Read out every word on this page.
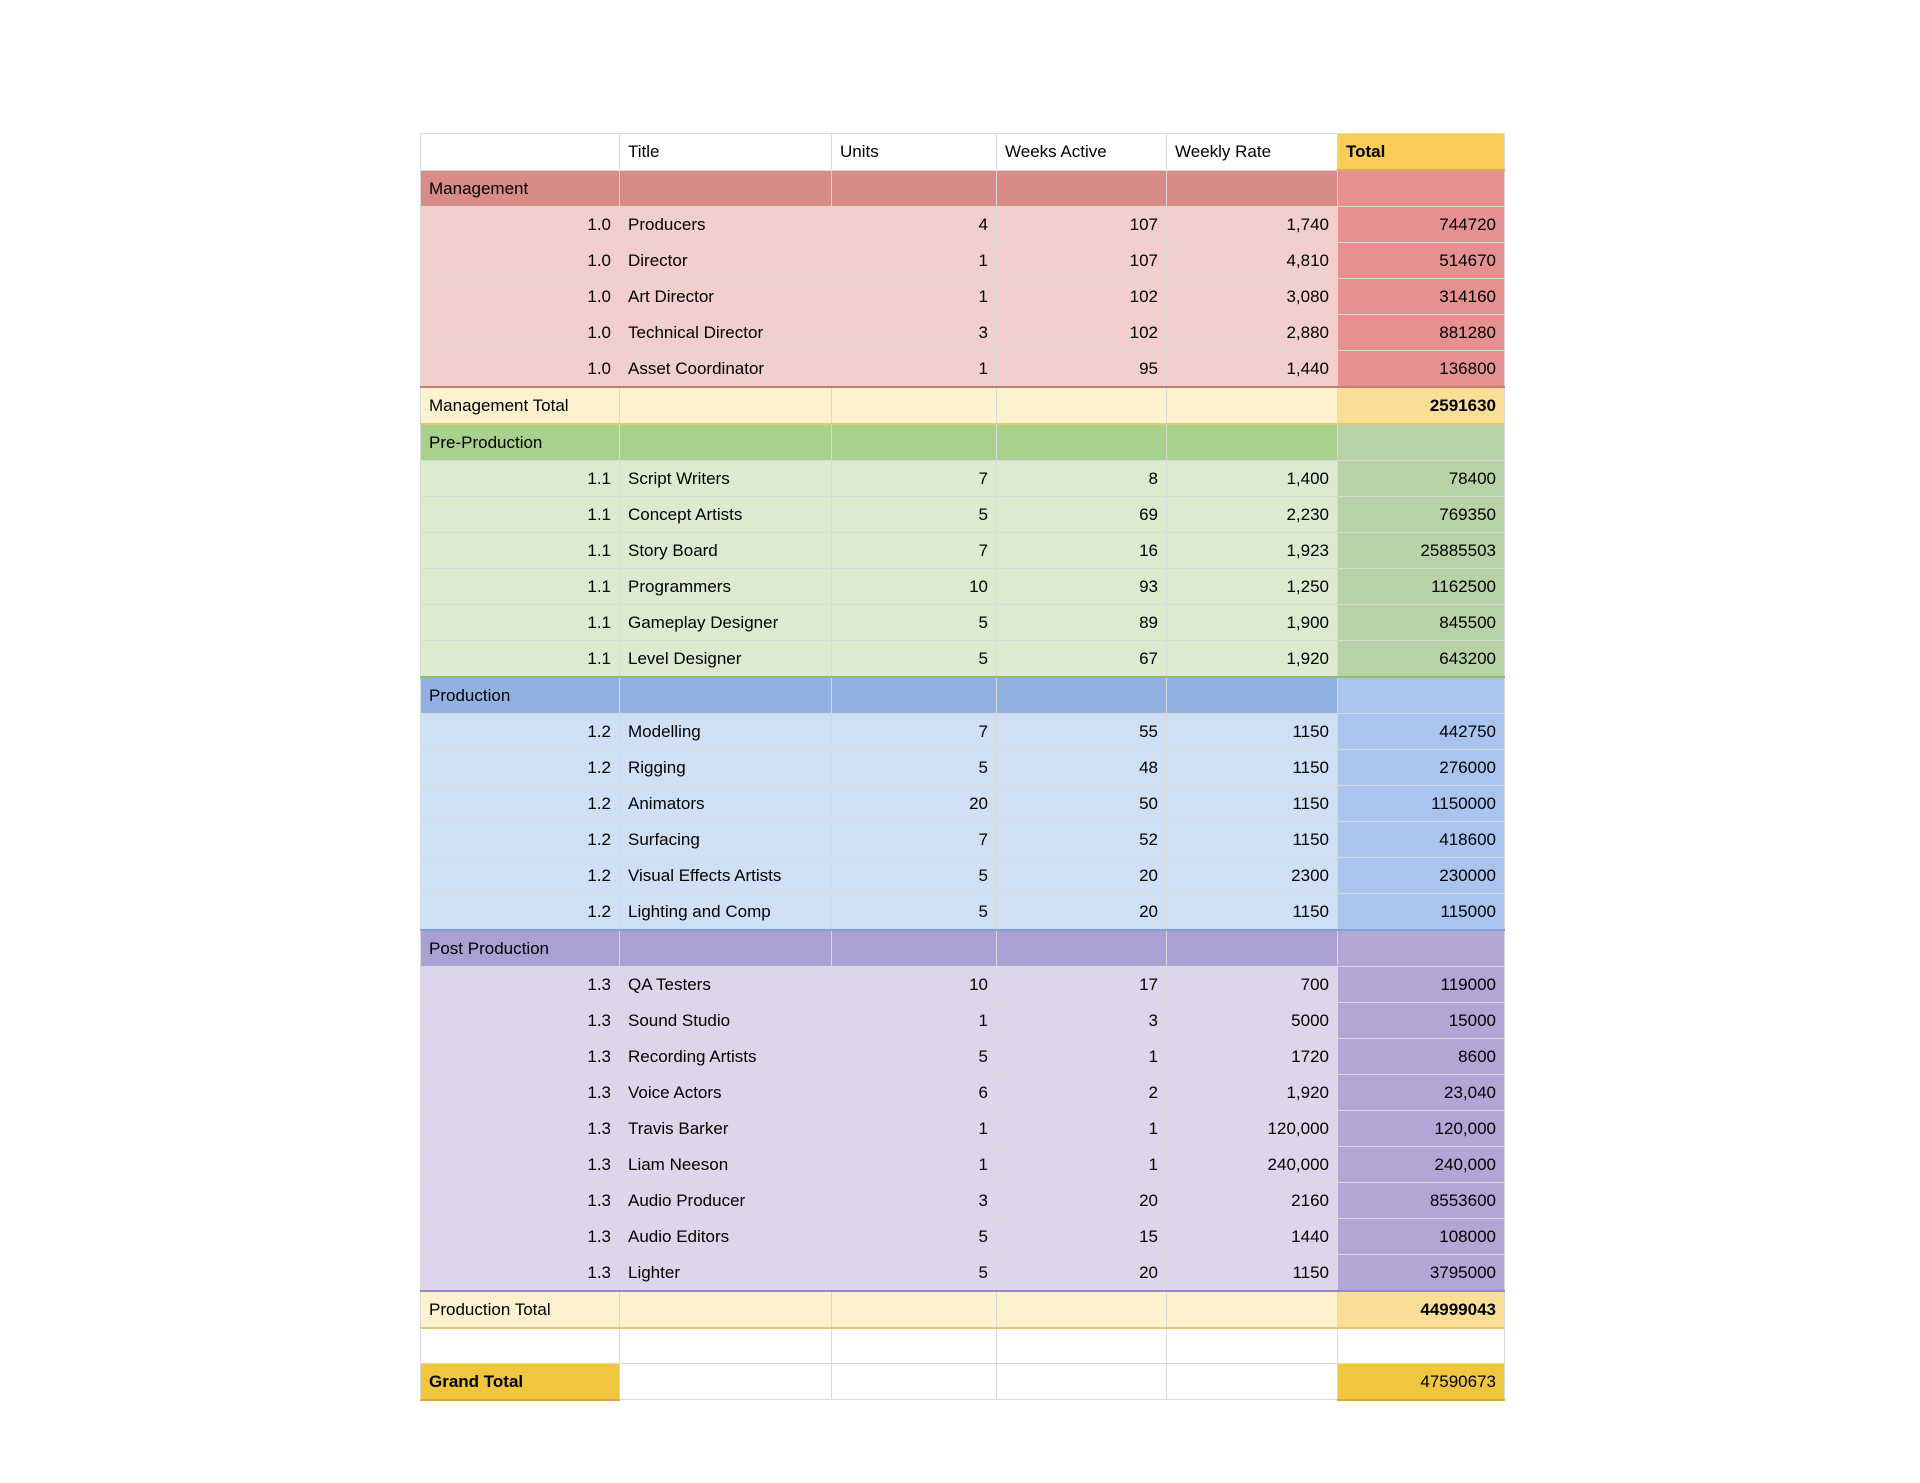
	Title	Units	Weeks Active	Weekly Rate	Total
Management					
1.0	Producers	4	107	1,740	744720
1.0	Director	1	107	4,810	514670
1.0	Art Director	1	102	3,080	314160
1.0	Technical Director	3	102	2,880	881280
1.0	Asset Coordinator	1	95	1,440	136800
Management Total					2591630
Pre-Production					
1.1	Script Writers	7	8	1,400	78400
1.1	Concept Artists	5	69	2,230	769350
1.1	Story Board	7	16	1,923	25885503
1.1	Programmers	10	93	1,250	1162500
1.1	Gameplay Designer	5	89	1,900	845500
1.1	Level Designer	5	67	1,920	643200
Production					
1.2	Modelling	7	55	1150	442750
1.2	Rigging	5	48	1150	276000
1.2	Animators	20	50	1150	1150000
1.2	Surfacing	7	52	1150	418600
1.2	Visual Effects Artists	5	20	2300	230000
1.2	Lighting and Comp	5	20	1150	115000
Post Production					
1.3	QA Testers	10	17	700	119000
1.3	Sound Studio	1	3	5000	15000
1.3	Recording Artists	5	1	1720	8600
1.3	Voice Actors	6	2	1,920	23,040
1.3	Travis Barker	1	1	120,000	120,000
1.3	Liam Neeson	1	1	240,000	240,000
1.3	Audio Producer	3	20	2160	8553600
1.3	Audio Editors	5	15	1440	108000
1.3	Lighter	5	20	1150	3795000
Production Total					44999043

Grand Total					47590673
